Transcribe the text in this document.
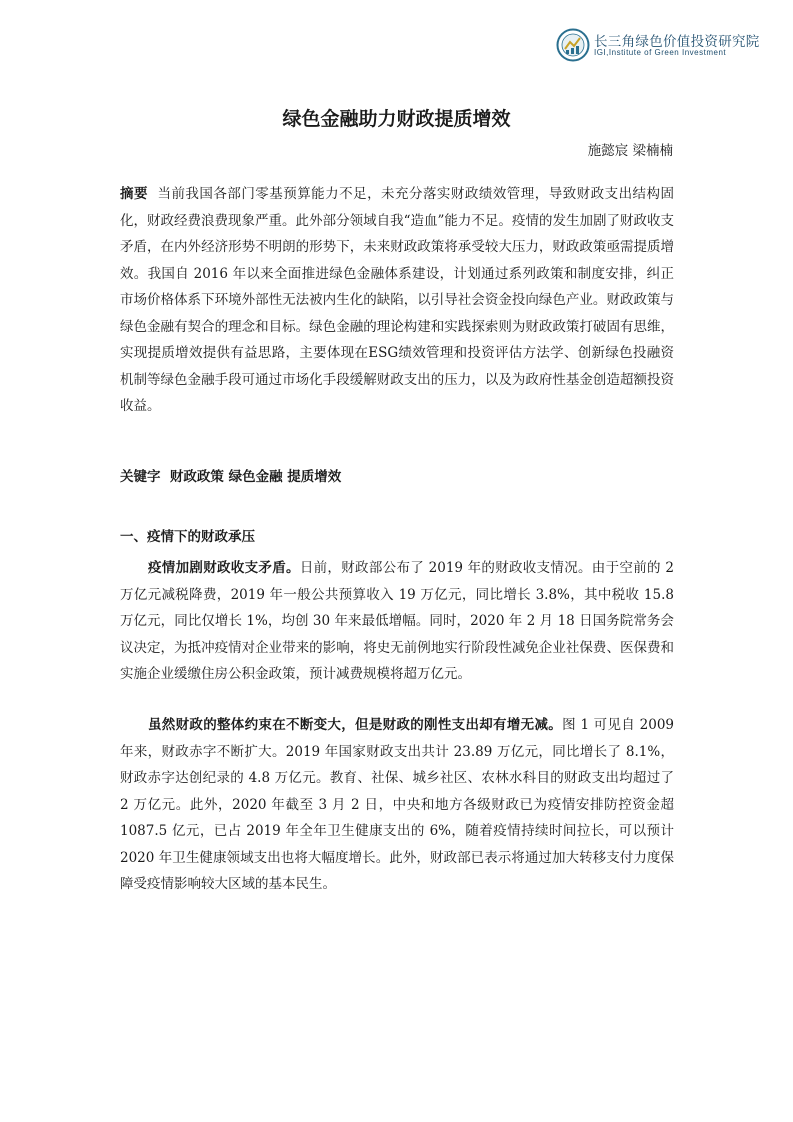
长三角绿色价值投资研究院
IGI,Institute of Green Investment
绿色金融助力财政提质增效
施懿宸 梁楠楠

摘要 当前我国各部门零基预算能力不足，未充分落实财政绩效管理，导致财政支出结构固化，财政经费浪费现象严重。此外部分领域自我“造血”能力不足。疫情的发生加剧了财政收支矛盾，在内外经济形势不明朗的形势下，未来财政政策将承受较大压力，财政政策亟需提质增效。我国自 2016 年以来全面推进绿色金融体系建设，计划通过系列政策和制度安排，纠正市场价格体系下环境外部性无法被内生化的缺陷，以引导社会资金投向绿色产业。财政政策与绿色金融有契合的理念和目标。绿色金融的理论构建和实践探索则为财政政策打破固有思维，实现提质增效提供有益思路，主要体现在ESG绩效管理和投资评估方法学、创新绿色投融资机制等绿色金融手段可通过市场化手段缓解财政支出的压力，以及为政府性基金创造超额投资收益。

关键字 财政政策 绿色金融 提质增效
一、疫情下的财政承压

疫情加剧财政收支矛盾。日前，财政部公布了 2019 年的财政收支情况。由于空前的 2 万亿元减税降费，2019 年一般公共预算收入 19 万亿元，同比增长 3.8%，其中税收 15.8 万亿元，同比仅增长 1%，均创 30 年来最低增幅。同时，2020 年 2 月 18 日国务院常务会议决定，为抵冲疫情对企业带来的影响，将史无前例地实行阶段性减免企业社保费、医保费和实施企业缓缴住房公积金政策，预计减费规模将超万亿元。

虽然财政的整体约束在不断变大，但是财政的刚性支出却有增无减。图 1 可见自 2009 年来，财政赤字不断扩大。2019 年国家财政支出共计 23.89 万亿元，同比增长了 8.1%，财政赤字达创纪录的 4.8 万亿元。教育、社保、城乡社区、农林水科目的财政支出均超过了 2 万亿元。此外，2020 年截至 3 月 2 日，中央和地方各级财政已为疫情安排防控资金超 1087.5 亿元，已占 2019 年全年卫生健康支出的 6%，随着疫情持续时间拉长，可以预计 2020 年卫生健康领域支出也将大幅度增长。此外，财政部已表示将通过加大转移支付力度保障受疫情影响较大区域的基本民生。
